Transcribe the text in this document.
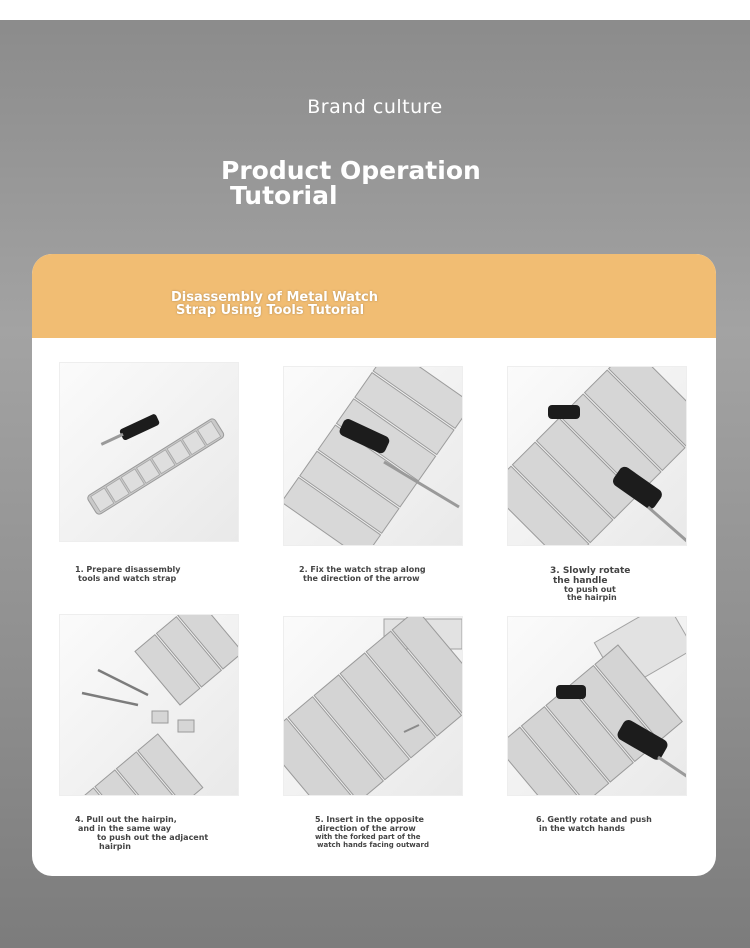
Brand culture
Product Operation
Tutorial
Disassembly of Metal Watch
Strap Using Tools Tutorial
1. Prepare disassembly
tools and watch strap
2. Fix the watch strap along
the direction of the arrow
3. Slowly rotate
the handle
to push out
the hairpin
4. Pull out the hairpin,
and in the same way
to push out the adjacent
hairpin
5. Insert in the opposite
direction of the arrow
with the forked part of the
watch hands facing outward
6. Gently rotate and push
in the watch hands
